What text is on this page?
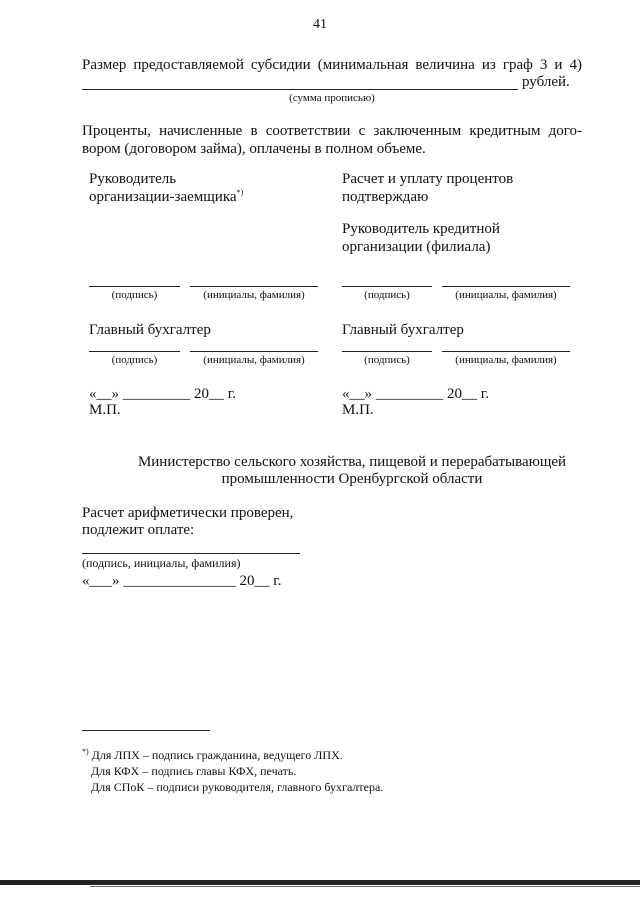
41
Размер предоставляемой субсидии (минимальная величина из граф 3 и 4)
рублей.
(сумма прописью)
Проценты, начисленные в соответствии с заключенным кредитным дого-
вором (договором займа), оплачены в полном объеме.
Руководитель
организации-заемщика*)
Расчет и уплату процентов
подтверждаю
Руководитель кредитной
организации (филиала)
(подпись)	(инициалы, фамилия)	(подпись)	(инициалы, фамилия)
Главный бухгалтер	Главный бухгалтер
(подпись)	(инициалы, фамилия)	(подпись)	(инициалы, фамилия)
«__» _________ 20__ г.
М.П.
«__» _________ 20__ г.
М.П.
Министерство сельского хозяйства, пищевой и перерабатывающей
промышленности Оренбургской области
Расчет арифметически проверен,
подлежит оплате:
(подпись, инициалы, фамилия)
«___» _______________ 20__ г.
*) Для ЛПХ – подпись гражданина, ведущего ЛПХ.
Для КФХ – подпись главы КФХ, печать.
Для СПоК – подписи руководителя, главного бухгалтера.
